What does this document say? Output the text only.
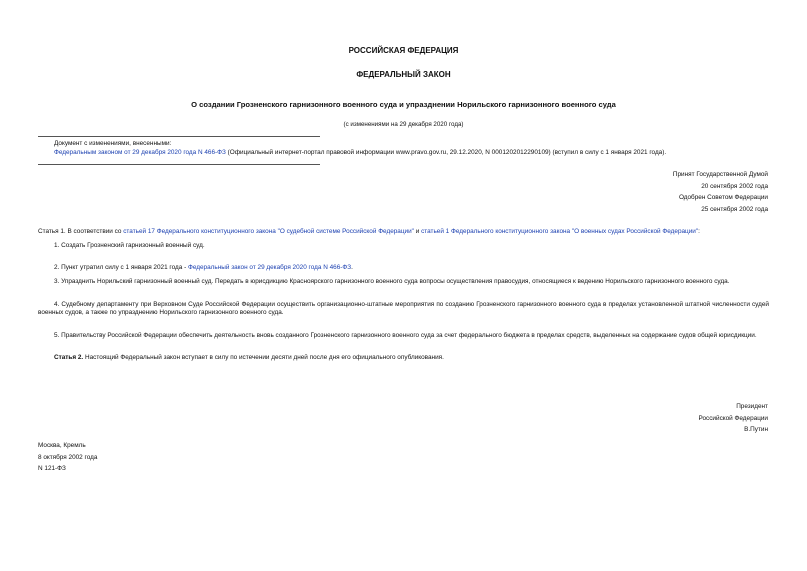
РОССИЙСКАЯ ФЕДЕРАЦИЯ
ФЕДЕРАЛЬНЫЙ ЗАКОН
О создании Грозненского гарнизонного военного суда и упразднении Норильского гарнизонного военного суда
(с изменениями на 29 декабря 2020 года)
Документ с изменениями, внесенными:
Федеральным законом от 29 декабря 2020 года N 466-ФЗ (Официальный интернет-портал правовой информации www.pravo.gov.ru, 29.12.2020, N 0001202012290109) (вступил в силу с 1 января 2021 года).
Принят Государственной Думой
20 сентября 2002 года
Одобрен Советом Федерации
25 сентября 2002 года

Статья 1. В соответствии со статьей 17 Федерального конституционного закона "О судебной системе Российской Федерации" и статьей 1 Федерального конституционного закона "О военных судах Российской Федерации":

1. Создать Грозненский гарнизонный военный суд.

2. Пункт утратил силу с 1 января 2021 года - Федеральный закон от 29 декабря 2020 года N 466-ФЗ.

3. Упразднить Норильский гарнизонный военный суд. Передать в юрисдикцию Красноярского гарнизонного военного суда вопросы осуществления правосудия, относящиеся к ведению Норильского гарнизонного военного суда.

4. Судебному департаменту при Верховном Суде Российской Федерации осуществить организационно-штатные мероприятия по созданию Грозненского гарнизонного военного суда в пределах установленной штатной численности судей военных судов, а также по упразднению Норильского гарнизонного военного суда.

5. Правительству Российской Федерации обеспечить деятельность вновь созданного Грозненского гарнизонного военного суда за счет федерального бюджета в пределах средств, выделенных на содержание судов общей юрисдикции.

Статья 2. Настоящий Федеральный закон вступает в силу по истечении десяти дней после дня его официального опубликования.

Президент
Российской Федерации
В.Путин
Москва, Кремль
8 октября 2002 года
N 121-ФЗ
